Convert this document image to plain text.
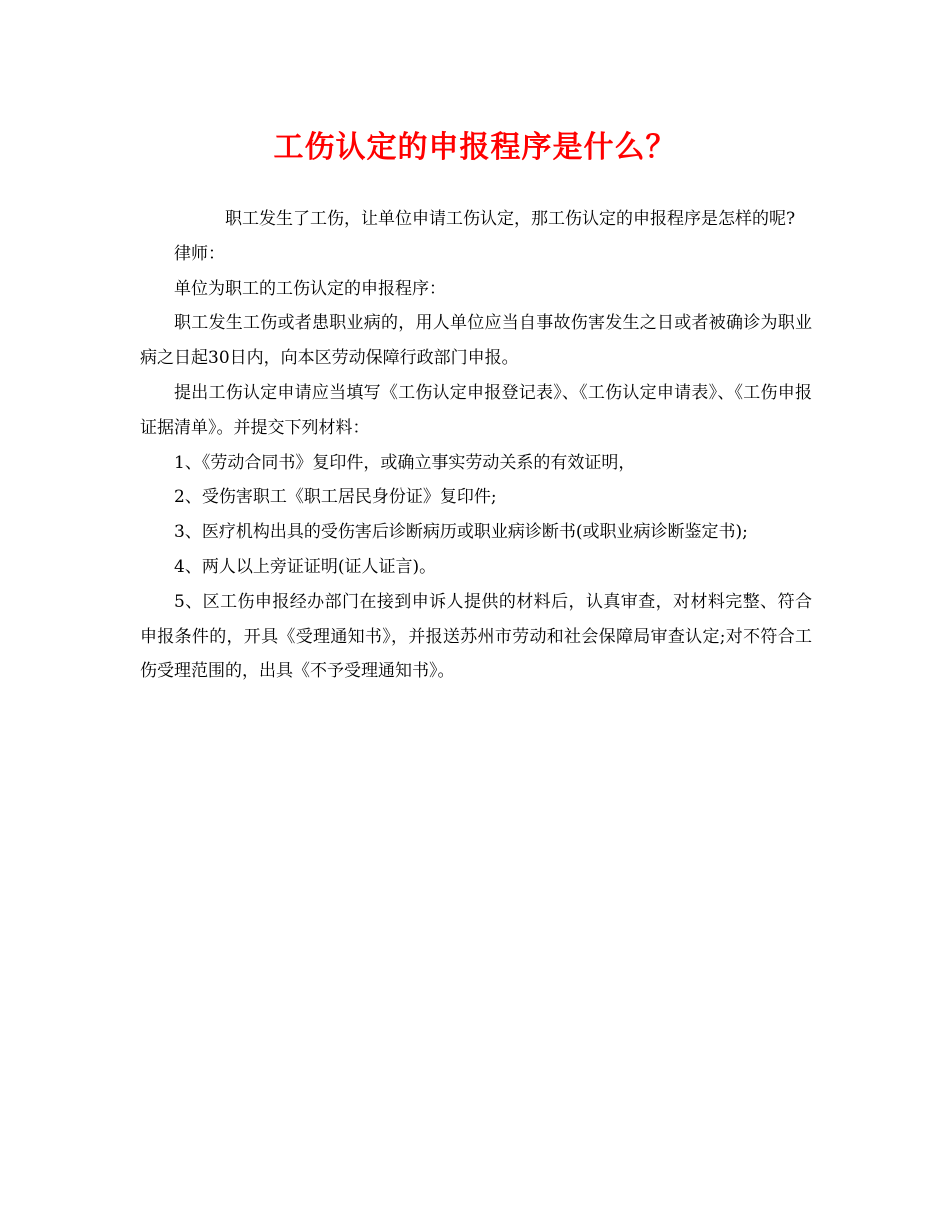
工伤认定的申报程序是什么？

职工发生了工伤，让单位申请工伤认定，那工伤认定的申报程序是怎样的呢?

律师：

单位为职工的工伤认定的申报程序：

职工发生工伤或者患职业病的，用人单位应当自事故伤害发生之日或者被确诊为职业病之日起30日内，向本区劳动保障行政部门申报。

提出工伤认定申请应当填写《工伤认定申报登记表》、《工伤认定申请表》、《工伤申报证据清单》。并提交下列材料：

1、《劳动合同书》复印件，或确立事实劳动关系的有效证明，

2、受伤害职工《职工居民身份证》复印件;

3、医疗机构出具的受伤害后诊断病历或职业病诊断书(或职业病诊断鉴定书);

4、两人以上旁证证明(证人证言)。

5、区工伤申报经办部门在接到申诉人提供的材料后，认真审查，对材料完整、符合申报条件的，开具《受理通知书》，并报送苏州市劳动和社会保障局审查认定;对不符合工伤受理范围的，出具《不予受理通知书》。
